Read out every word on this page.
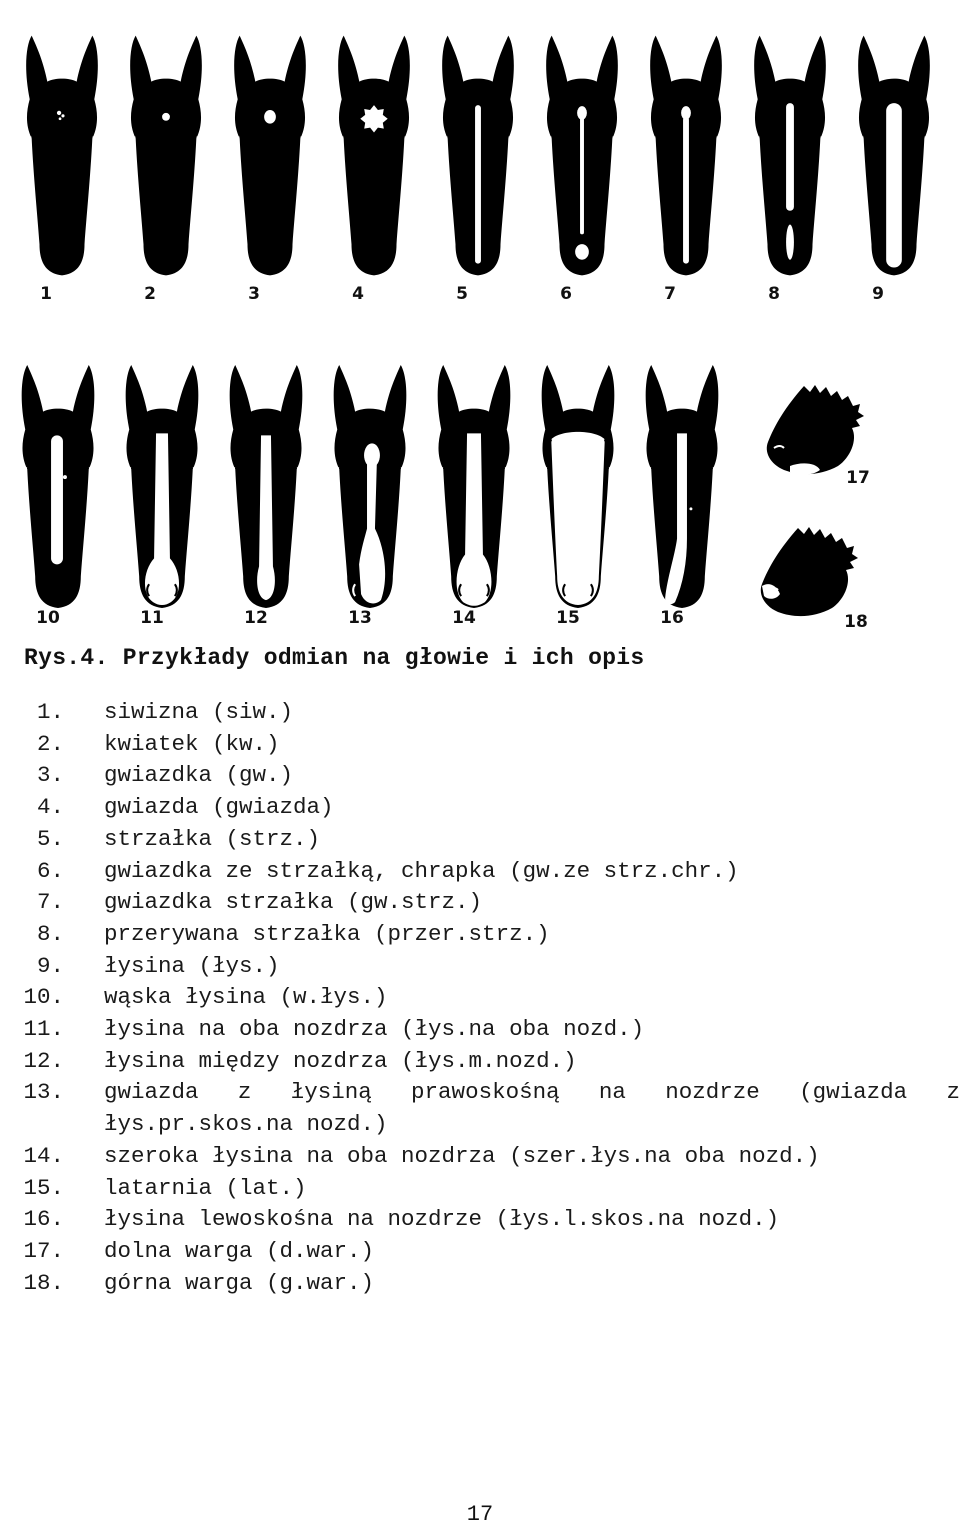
1	2	3	4	5	6	7	8	9
10	11	12	13	14	15	16
17
18
Rys.4. Przykłady odmian na głowie i ich opis
1.	siwizna (siw.)
2.	kwiatek (kw.)
3.	gwiazdka (gw.)
4.	gwiazda (gwiazda)
5.	strzałka (strz.)
6.	gwiazdka ze strzałką, chrapka (gw.ze strz.chr.)
7.	gwiazdka strzałka (gw.strz.)
8.	przerywana strzałka (przer.strz.)
9.	łysina (łys.)
10.	wąska łysina (w.łys.)
11.	łysina na oba nozdrza (łys.na oba nozd.)
12.	łysina między nozdrza (łys.m.nozd.)
13.	gwiazda z łysiną prawoskośną na nozdrze (gwiazda z łys.pr.skos.na nozd.)
14.	szeroka łysina na oba nozdrza (szer.łys.na oba nozd.)
15.	latarnia (lat.)
16.	łysina lewoskośna na nozdrze (łys.l.skos.na nozd.)
17.	dolna warga (d.war.)
18.	górna warga (g.war.)
17
